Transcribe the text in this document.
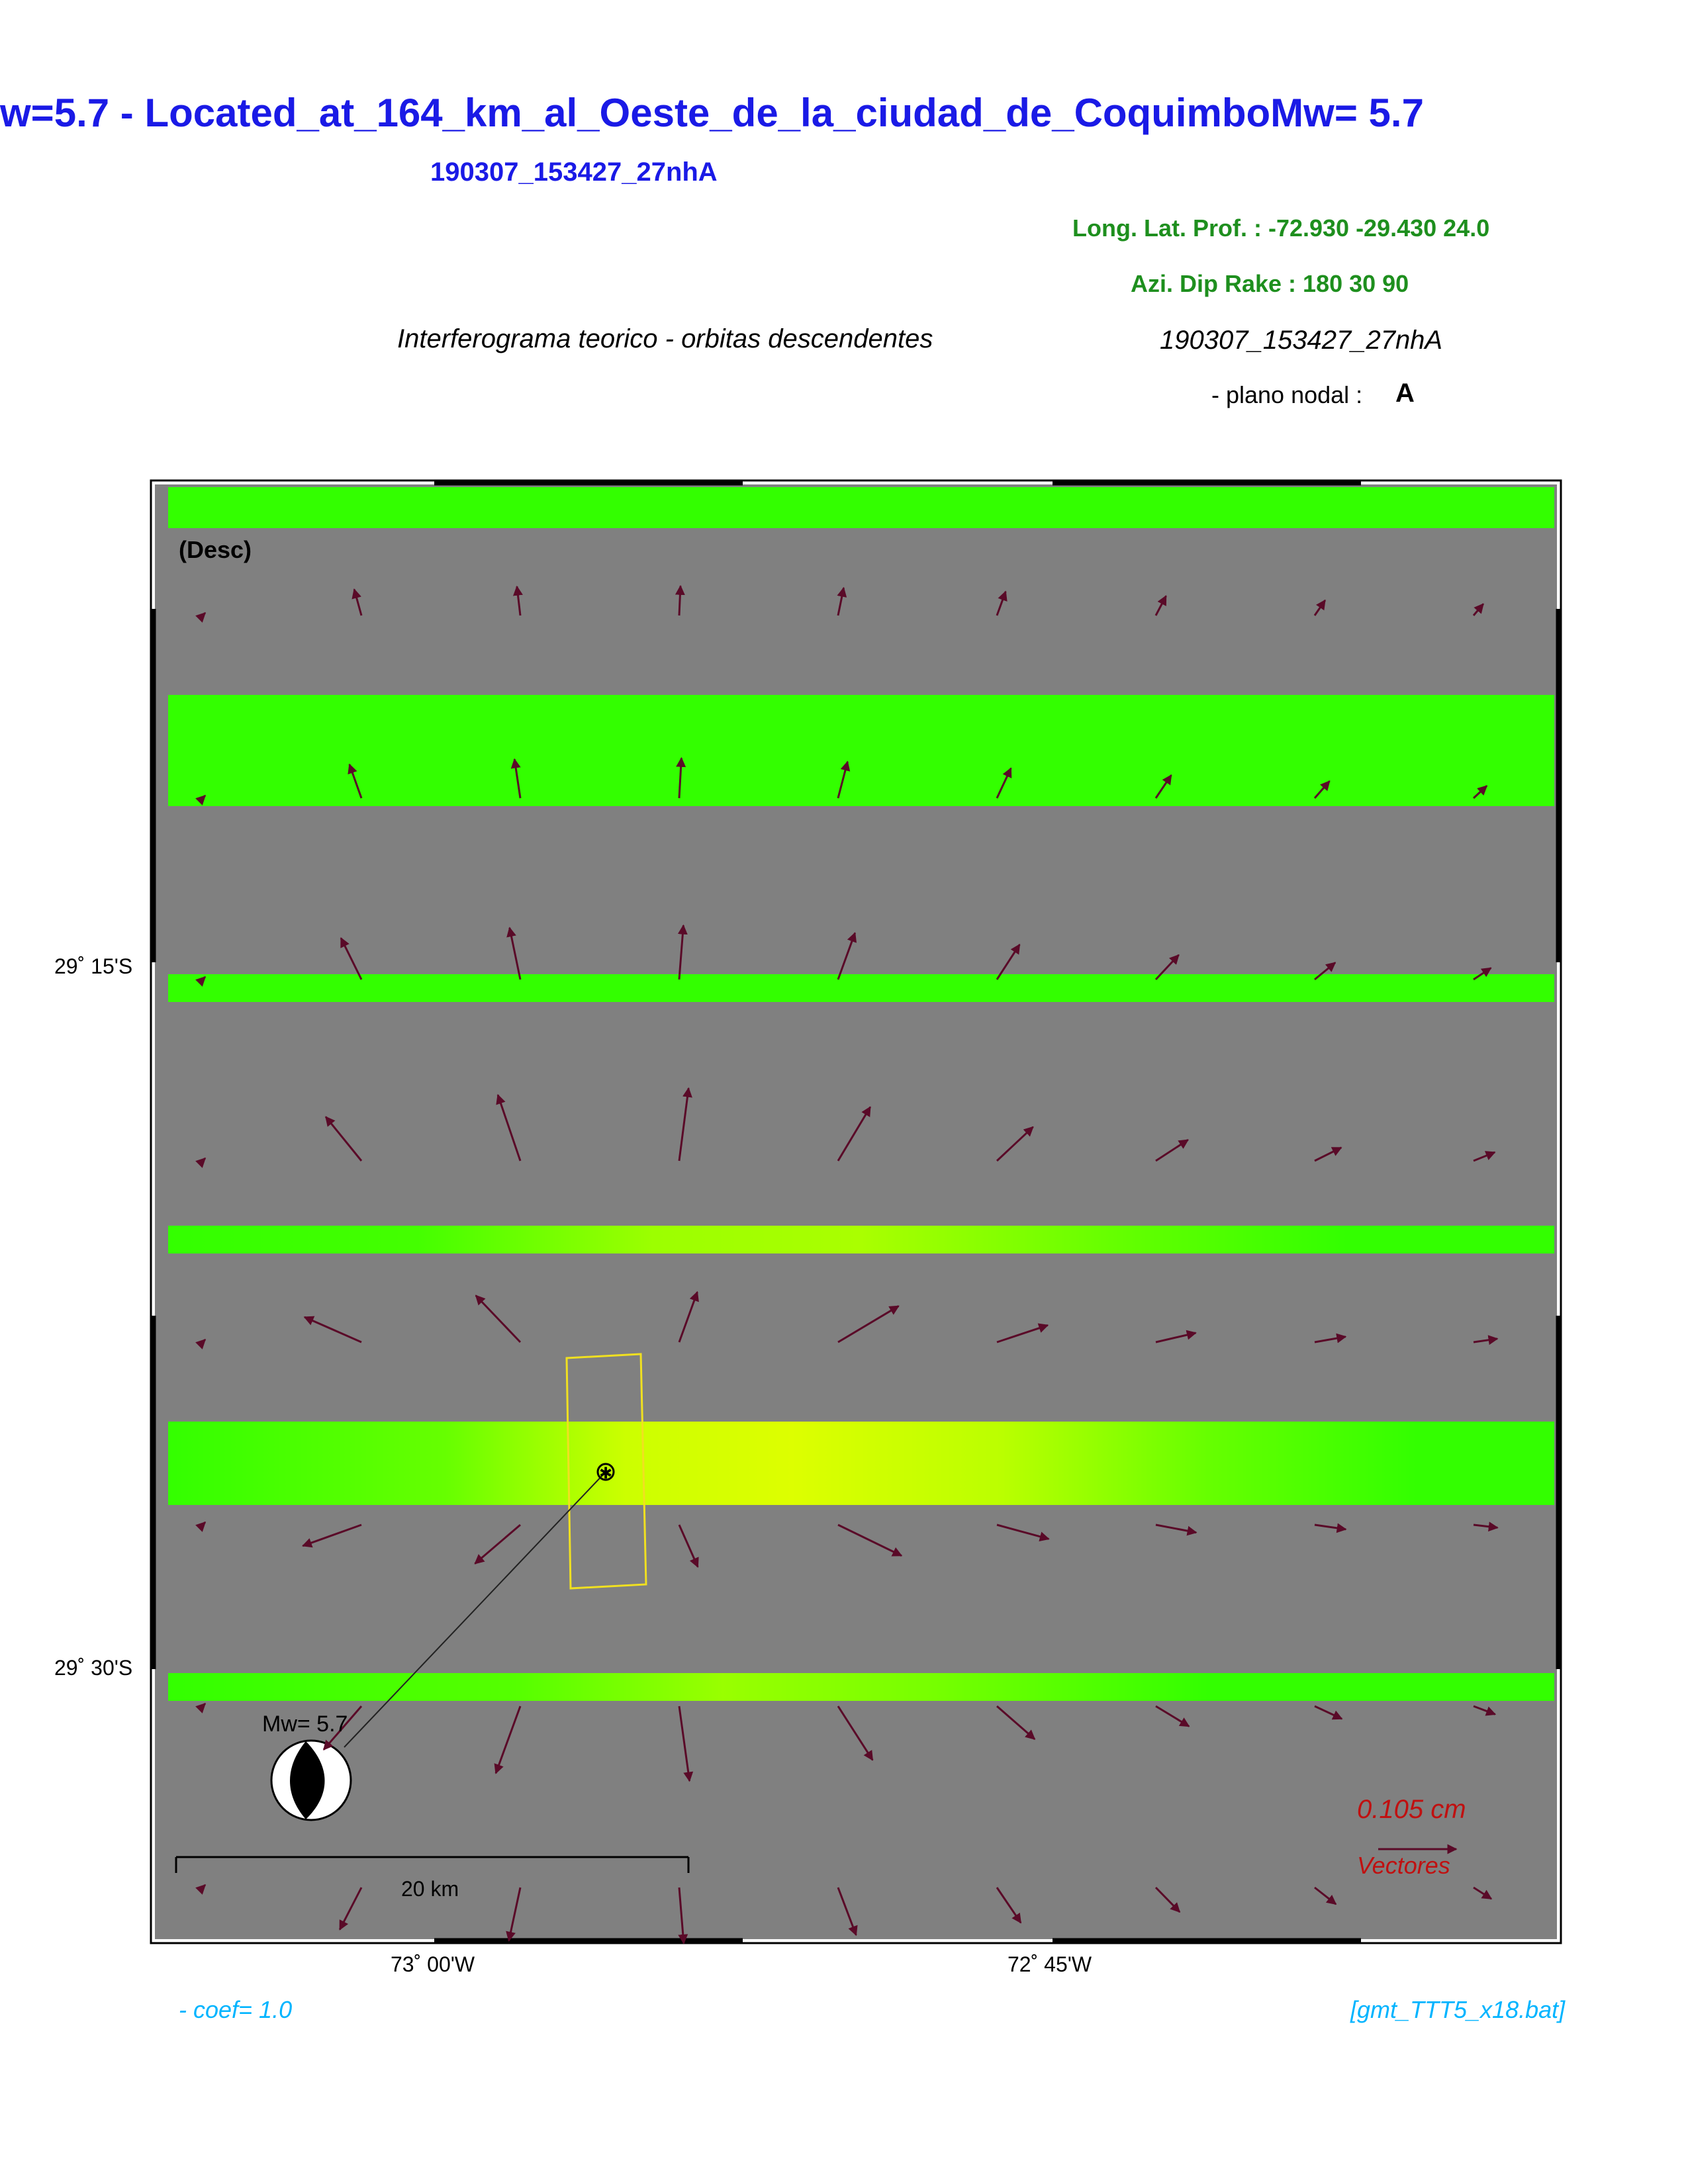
w=5.7 - Located_at_164_km_al_Oeste_de_la_ciudad_de_CoquimboMw= 5.7
190307_153427_27nhA
Long. Lat. Prof. : -72.930 -29.430 24.0
Azi. Dip Rake : 180 30 90
Interferograma teorico - orbitas descendentes	190307_153427_27nhA
- plano nodal : A
✱
(Desc)
29˚ 15'S
29˚ 30'S
73˚ 00'W	72˚ 45'W
20 km
Mw= 5.7
0.105 cm
Vectores
- coef= 1.0	[gmt_TTT5_x18.bat]
